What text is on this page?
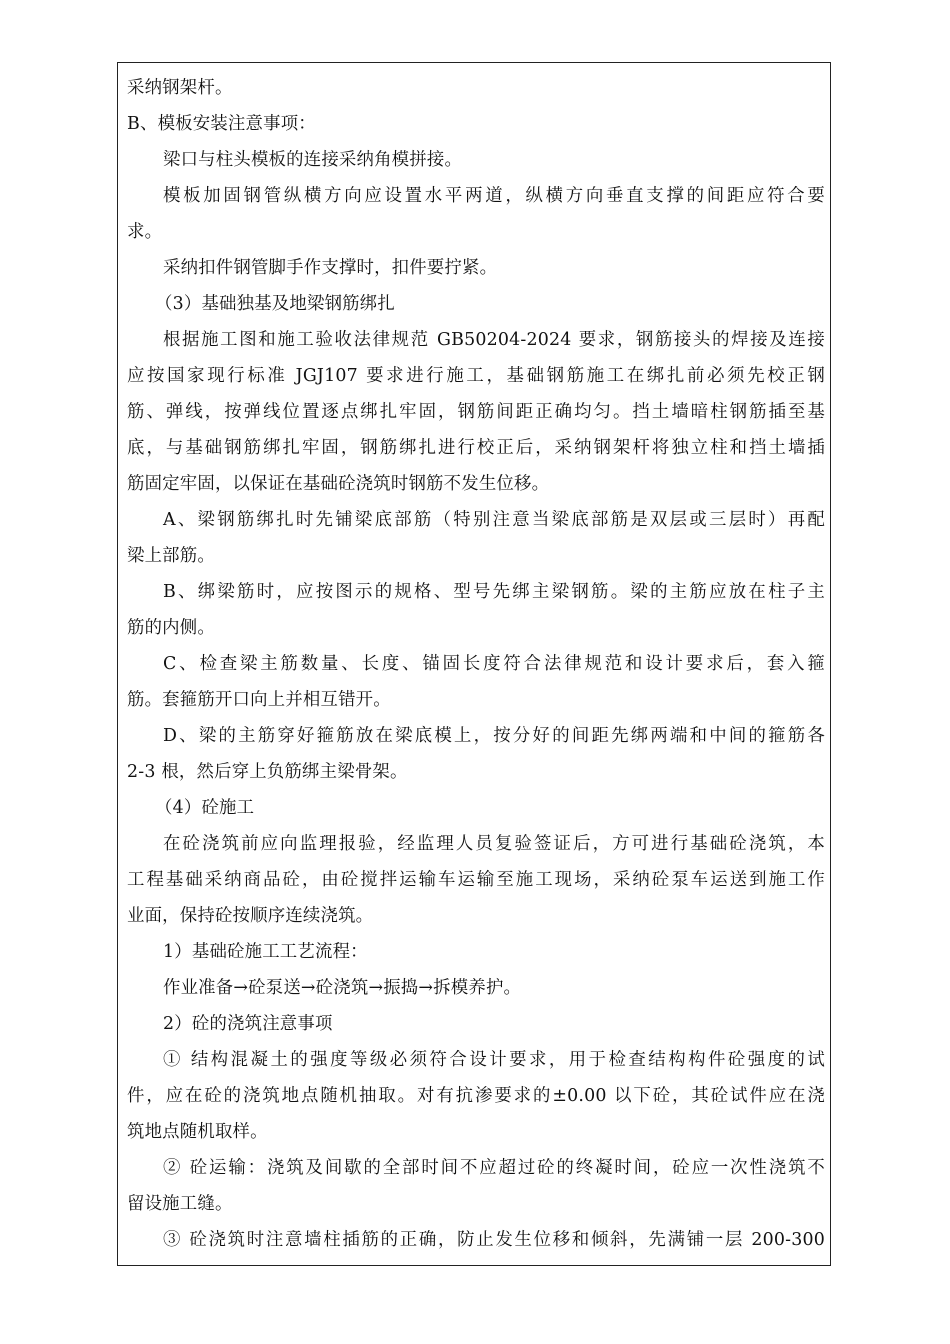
采纳钢架杆。
B、模板安装注意事项：
梁口与柱头模板的连接采纳角模拼接。
模板加固钢管纵横方向应设置水平两道，纵横方向垂直支撑的间距应符合要
求。
采纳扣件钢管脚手作支撑时，扣件要拧紧。
（3）基础独基及地梁钢筋绑扎
根据施工图和施工验收法律规范 GB50204-2024 要求，钢筋接头的焊接及连接
应按国家现行标准 JGJ107 要求进行施工，基础钢筋施工在绑扎前必须先校正钢
筋、弹线，按弹线位置逐点绑扎牢固，钢筋间距正确均匀。挡土墙暗柱钢筋插至基
底，与基础钢筋绑扎牢固，钢筋绑扎进行校正后，采纳钢架杆将独立柱和挡土墙插
筋固定牢固，以保证在基础砼浇筑时钢筋不发生位移。
A、梁钢筋绑扎时先铺梁底部筋（特别注意当梁底部筋是双层或三层时）再配
梁上部筋。
B、绑梁筋时，应按图示的规格、型号先绑主梁钢筋。梁的主筋应放在柱子主
筋的内侧。
C、检查梁主筋数量、长度、锚固长度符合法律规范和设计要求后，套入箍
筋。套箍筋开口向上并相互错开。
D、梁的主筋穿好箍筋放在梁底模上，按分好的间距先绑两端和中间的箍筋各
2-3 根，然后穿上负筋绑主梁骨架。
（4）砼施工
在砼浇筑前应向监理报验，经监理人员复验签证后，方可进行基础砼浇筑，本
工程基础采纳商品砼，由砼搅拌运输车运输至施工现场，采纳砼泵车运送到施工作
业面，保持砼按顺序连续浇筑。
1）基础砼施工工艺流程：
作业准备→砼泵送→砼浇筑→振捣→拆模养护。
2）砼的浇筑注意事项
① 结构混凝土的强度等级必须符合设计要求，用于检查结构构件砼强度的试
件，应在砼的浇筑地点随机抽取。对有抗渗要求的±0.00 以下砼，其砼试件应在浇
筑地点随机取样。
② 砼运输：浇筑及间歇的全部时间不应超过砼的终凝时间，砼应一次性浇筑不
留设施工缝。
③ 砼浇筑时注意墙柱插筋的正确，防止发生位移和倾斜，先满铺一层 200-300
